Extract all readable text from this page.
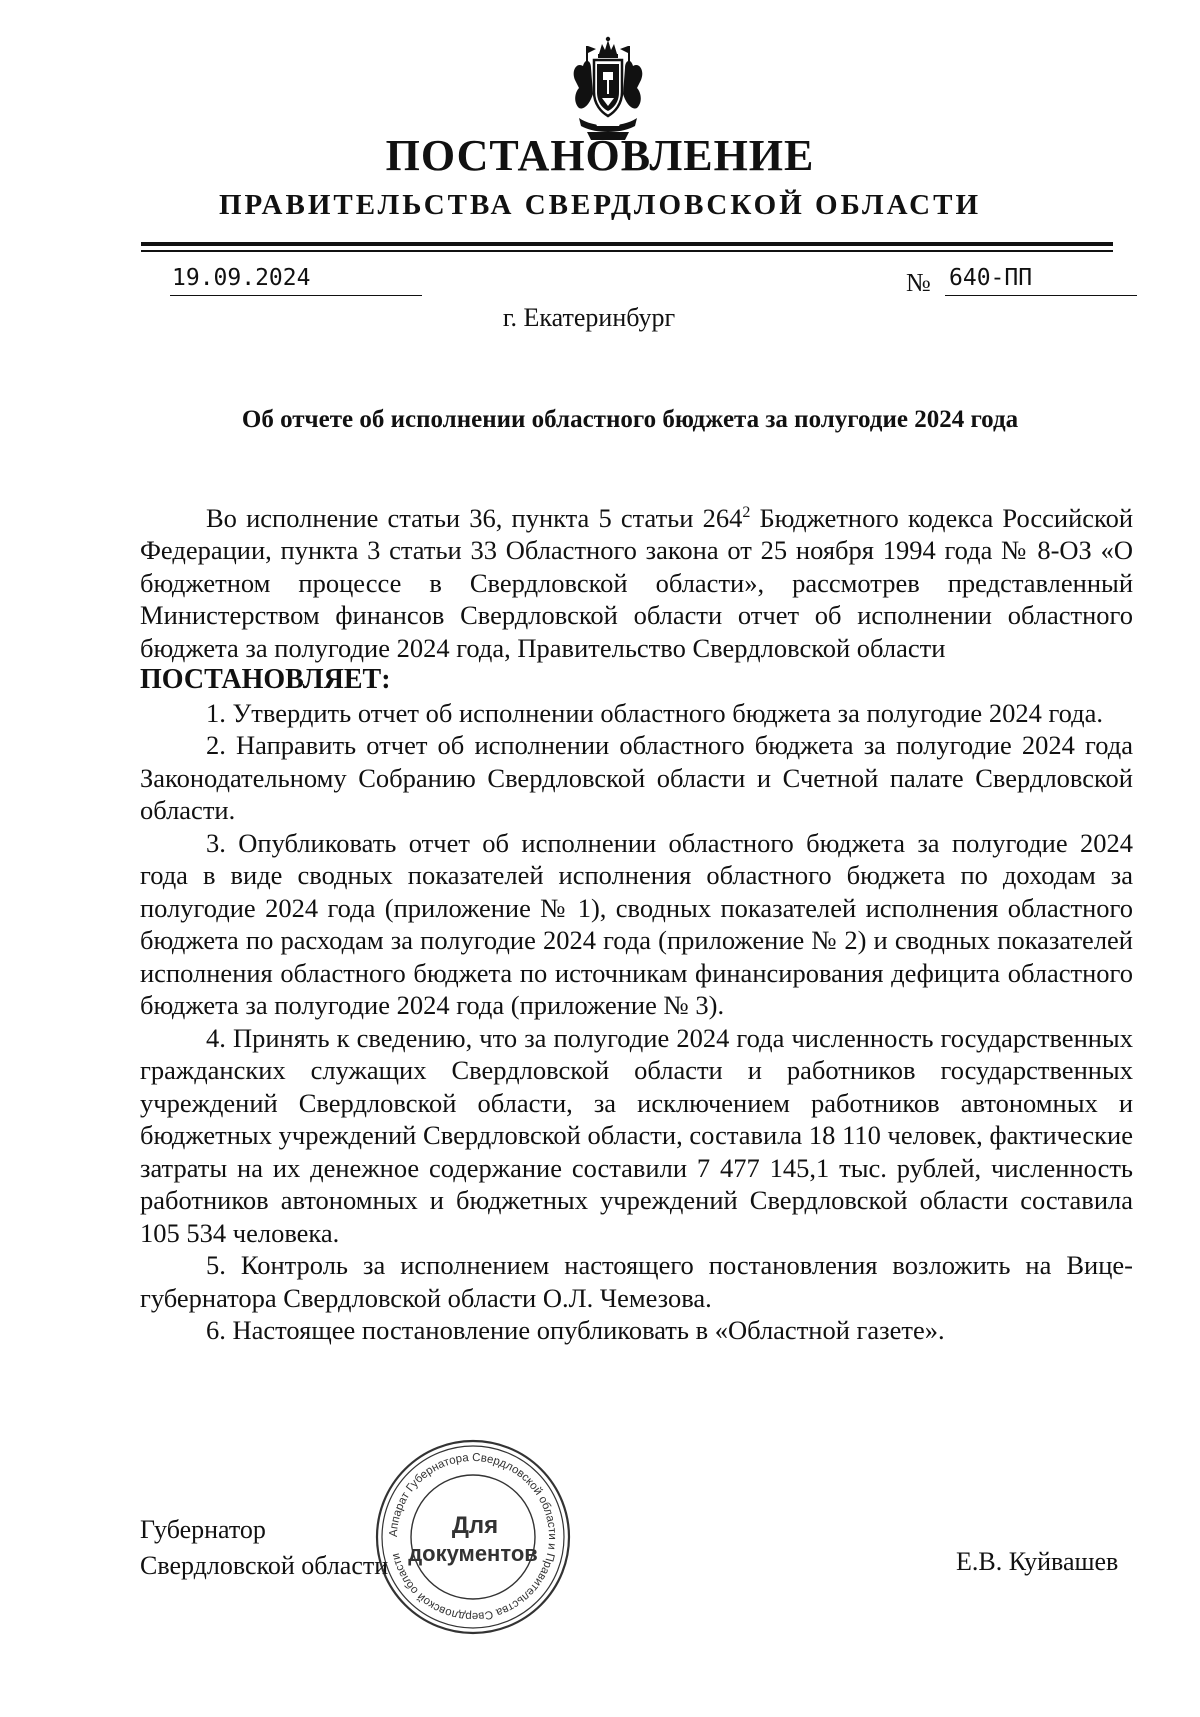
ПОСТАНОВЛЕНИЕ
ПРАВИТЕЛЬСТВА СВЕРДЛОВСКОЙ ОБЛАСТИ
19.09.2024	№ 640-ПП
г. Екатеринбург
Об отчете об исполнении областного бюджета за полугодие 2024 года

Во исполнение статьи 36, пункта 5 статьи $264^2$ Бюджетного кодекса Российской Федерации, пункта 3 статьи 33 Областного закона от 25 ноября 1994 года № 8-ОЗ «О бюджетном процессе в Свердловской области», рассмотрев представленный Министерством финансов Свердловской области отчет об исполнении областного бюджета за полугодие 2024 года, Правительство Свердловской области

ПОСТАНОВЛЯЕТ:

1. Утвердить отчет об исполнении областного бюджета за полугодие 2024 года.

2. Направить отчет об исполнении областного бюджета за полугодие 2024 года Законодательному Собранию Свердловской области и Счетной палате Свердловской области.

3. Опубликовать отчет об исполнении областного бюджета за полугодие 2024 года в виде сводных показателей исполнения областного бюджета по доходам за полугодие 2024 года (приложение № 1), сводных показателей исполнения областного бюджета по расходам за полугодие 2024 года (приложение № 2) и сводных показателей исполнения областного бюджета по источникам финансирования дефицита областного бюджета за полугодие 2024 года (приложение № 3).

4. Принять к сведению, что за полугодие 2024 года численность государственных гражданских служащих Свердловской области и работников государственных учреждений Свердловской области, за исключением работников автономных и бюджетных учреждений Свердловской области, составила 18 110 человек, фактические затраты на их денежное содержание составили 7 477 145,1 тыс. рублей, численность работников автономных и бюджетных учреждений Свердловской области составила 105 534 человека.

5. Контроль за исполнением настоящего постановления возложить на Вице-губернатора Свердловской области О.Л. Чемезова.

6. Настоящее постановление опубликовать в «Областной газете».

Губернатор
Свердловской области	Е.В. Куйвашев
Аппарат Губернатора Свердловской области и Правительства Свердловской области
Для
документов
